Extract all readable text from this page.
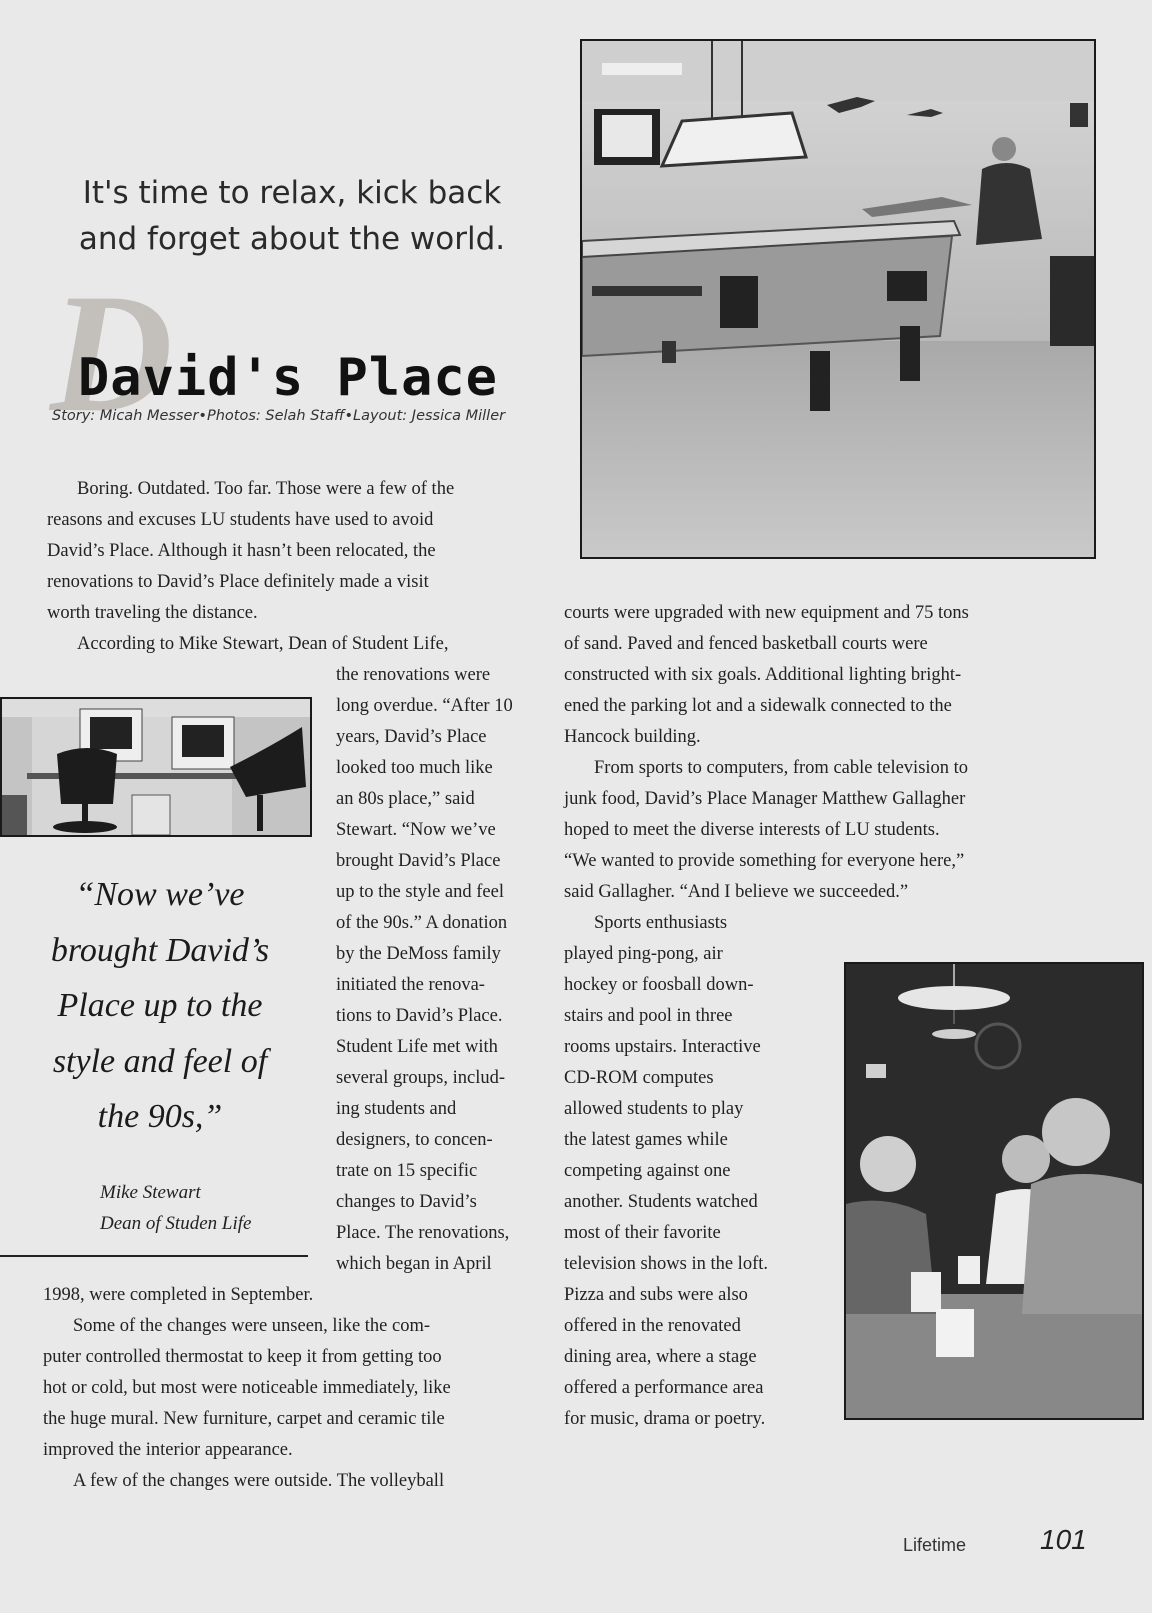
It's time to relax, kick back
and forget about the world.
D
David's Place
Story: Micah Messer•Photos: Selah Staff•Layout: Jessica Miller

Boring. Outdated. Too far. Those were a few of the

reasons and excuses LU students have used to avoid

David’s Place. Although it hasn’t been relocated, the

renovations to David’s Place definitely made a visit

worth traveling the distance.

According to Mike Stewart, Dean of Student Life,

the renovations were

long overdue. “After 10

years, David’s Place

looked too much like

an 80s place,” said

Stewart. “Now we’ve

brought David’s Place

up to the style and feel

of the 90s.” A donation

by the DeMoss family

initiated the renova-

tions to David’s Place.

Student Life met with

several groups, includ-

ing students and

designers, to concen-

trate on 15 specific

changes to David’s

Place. The renovations,

which began in April

1998, were completed in September.

Some of the changes were unseen, like the com-

puter controlled thermostat to keep it from getting too

hot or cold, but most were noticeable immediately, like

the huge mural. New furniture, carpet and ceramic tile

improved the interior appearance.

A few of the changes were outside. The volleyball

courts were upgraded with new equipment and 75 tons

of sand. Paved and fenced basketball courts were

constructed with six goals. Additional lighting bright-

ened the parking lot and a sidewalk connected to the

Hancock building.

From sports to computers, from cable television to

junk food, David’s Place Manager Matthew Gallagher

hoped to meet the diverse interests of LU students.

“We wanted to provide something for everyone here,”

said Gallagher. “And I believe we succeeded.”

Sports enthusiasts

played ping-pong, air

hockey or foosball down-

stairs and pool in three

rooms upstairs. Interactive

CD-ROM computes

allowed students to play

the latest games while

competing against one

another. Students watched

most of their favorite

television shows in the loft.

Pizza and subs were also

offered in the renovated

dining area, where a stage

offered a performance area

for music, drama or poetry.

“Now we’ve
brought David’s
Place up to the
style and feel of
the 90s,”
Mike Stewart
Dean of Studen Life
Lifetime	101
